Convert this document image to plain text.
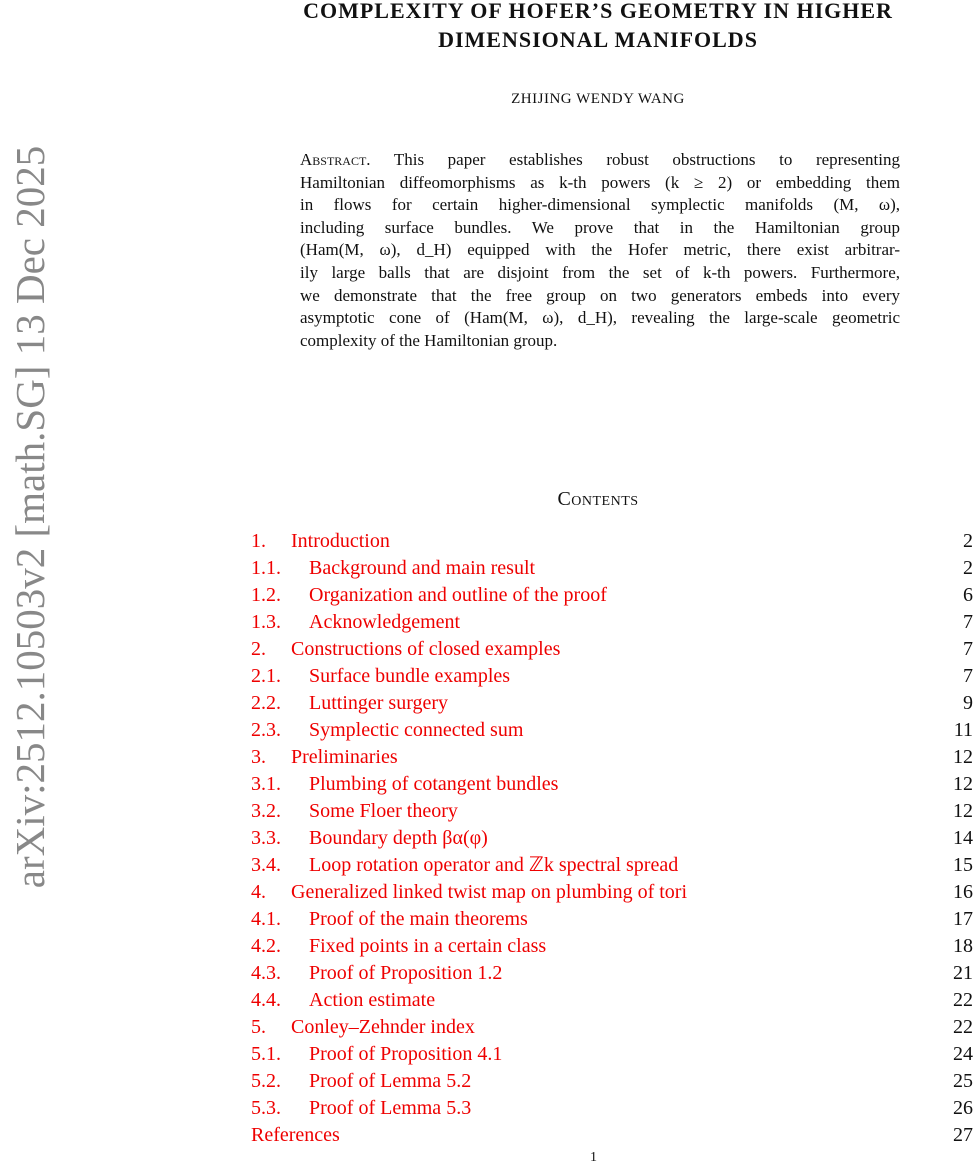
arXiv:2512.10503v2 [math.SG] 13 Dec 2025
COMPLEXITY OF HOFER’S GEOMETRY IN HIGHER
DIMENSIONAL MANIFOLDS
ZHIJING WENDY WANG
Abstract. This paper establishes robust obstructions to representing
Hamiltonian diffeomorphisms as k-th powers (k ≥ 2) or embedding them
in flows for certain higher-dimensional symplectic manifolds (M, ω),
including surface bundles. We prove that in the Hamiltonian group
(Ham(M, ω), d_H) equipped with the Hofer metric, there exist arbitrar-
ily large balls that are disjoint from the set of k-th powers. Furthermore,
we demonstrate that the free group on two generators embeds into every
asymptotic cone of (Ham(M, ω), d_H), revealing the large-scale geometric
complexity of the Hamiltonian group.
Contents
1. Introduction	2
1.1. Background and main result	2
1.2. Organization and outline of the proof	6
1.3. Acknowledgement	7
2. Constructions of closed examples	7
2.1. Surface bundle examples	7
2.2. Luttinger surgery	9
2.3. Symplectic connected sum	11
3. Preliminaries	12
3.1. Plumbing of cotangent bundles	12
3.2. Some Floer theory	12
3.3. Boundary depth βα(φ)	14
3.4. Loop rotation operator and ℤk spectral spread	15
4. Generalized linked twist map on plumbing of tori	16
4.1. Proof of the main theorems	17
4.2. Fixed points in a certain class	18
4.3. Proof of Proposition 1.2	21
4.4. Action estimate	22
5. Conley–Zehnder index	22
5.1. Proof of Proposition 4.1	24
5.2. Proof of Lemma 5.2	25
5.3. Proof of Lemma 5.3	26
References	27
1
